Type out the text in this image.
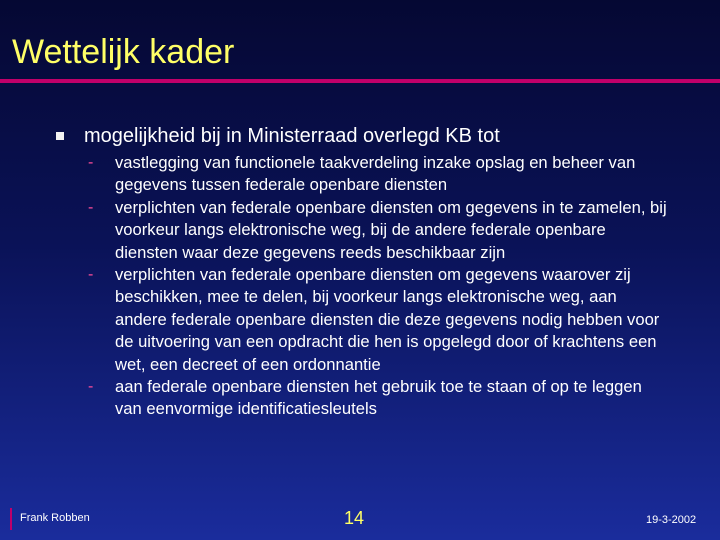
Wettelijk kader
mogelijkheid bij in Ministerraad overlegd KB tot
- vastlegging van functionele taakverdeling inzake opslag en beheer van gegevens tussen federale openbare diensten
- verplichten van federale openbare diensten om gegevens in te zamelen, bij voorkeur langs elektronische weg, bij de andere federale openbare diensten waar deze gegevens reeds beschikbaar zijn
- verplichten van federale openbare diensten om gegevens waarover zij beschikken, mee te delen, bij voorkeur langs elektronische weg, aan andere federale openbare diensten die deze gegevens nodig hebben voor de uitvoering van een opdracht die hen is opgelegd door of krachtens een wet, een decreet of een ordonnantie
- aan federale openbare diensten het gebruik toe te staan of op te leggen van eenvormige identificatiesleutels
Frank Robben	14	19-3-2002
